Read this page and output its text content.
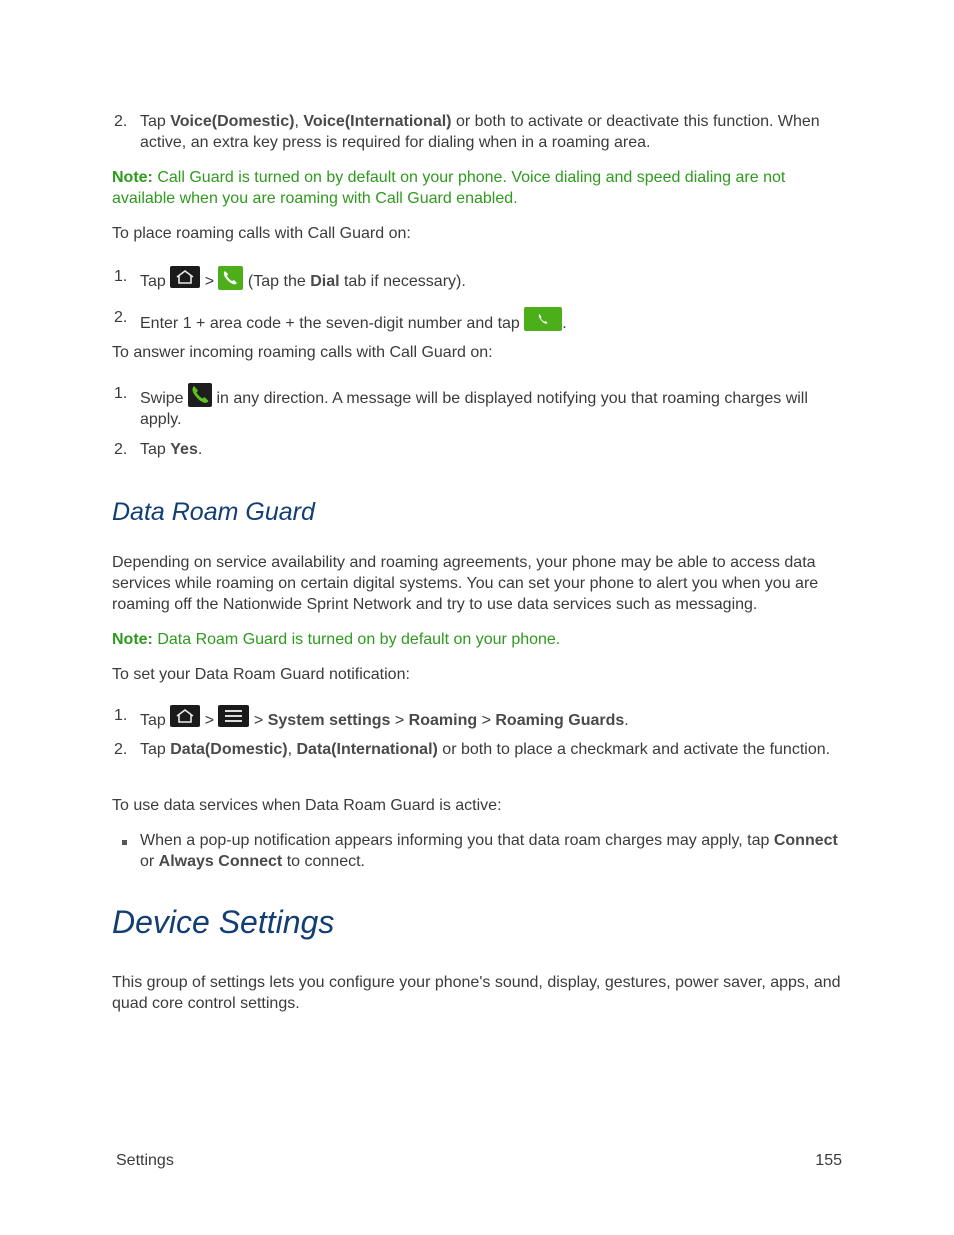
2. Tap Voice(Domestic), Voice(International) or both to activate or deactivate this function. When active, an extra key press is required for dialing when in a roaming area.
Note: Call Guard is turned on by default on your phone. Voice dialing and speed dialing are not available when you are roaming with Call Guard enabled.
To place roaming calls with Call Guard on:
1. Tap
>
(Tap the Dial tab if necessary).
2. Enter 1 + area code + the seven-digit number and tap
.
To answer incoming roaming calls with Call Guard on:
1. Swipe
in any direction. A message will be displayed notifying you that roaming charges will apply.
2. Tap Yes.
Data Roam Guard
Depending on service availability and roaming agreements, your phone may be able to access data services while roaming on certain digital systems. You can set your phone to alert you when you are roaming off the Nationwide Sprint Network and try to use data services such as messaging.
Note: Data Roam Guard is turned on by default on your phone.
To set your Data Roam Guard notification:
1. Tap
>
> System settings > Roaming > Roaming Guards.
2. Tap Data(Domestic), Data(International) or both to place a checkmark and activate the function.
To use data services when Data Roam Guard is active:
When a pop-up notification appears informing you that data roam charges may apply, tap Connect or Always Connect to connect.
Device Settings
This group of settings lets you configure your phone's sound, display, gestures, power saver, apps, and quad core control settings.
Settings	155
